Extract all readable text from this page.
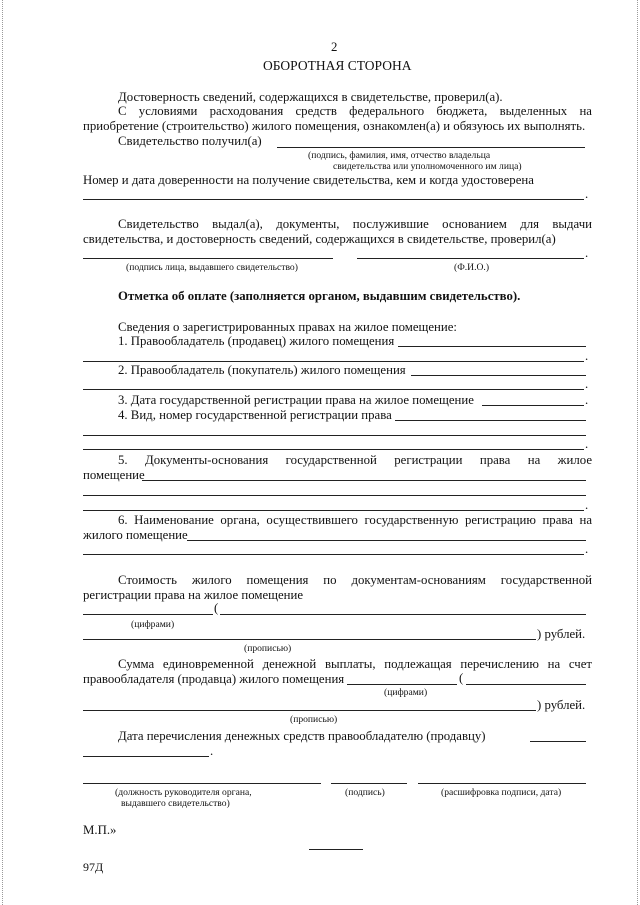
2
ОБОРОТНАЯ СТОРОНА
Достоверность сведений, содержащихся в свидетельстве, проверил(а).
С условиями расходования средств федерального бюджета, выделенных на
приобретение (строительство) жилого помещения, ознакомлен(а) и обязуюсь их выполнять.
Свидетельство получил(а)
(подпись, фамилия, имя, отчество владельца
свидетельства или уполномоченного им лица)
Номер и дата доверенности на получение свидетельства, кем и когда удостоверена
.
Свидетельство выдал(а), документы, послужившие основанием для выдачи
свидетельства, и достоверность сведений, содержащихся в свидетельстве, проверил(а)
.
(подпись лица, выдавшего свидетельство)	(Ф.И.О.)
Отметка об оплате (заполняется органом, выдавшим свидетельство).
Сведения о зарегистрированных правах на жилое помещение:
1. Правообладатель (продавец) жилого помещения
.
2. Правообладатель (покупатель) жилого помещения
.
3. Дата государственной регистрации права на жилое помещение	.
4. Вид, номер государственной регистрации права
.
5. Документы-основания государственной регистрации права на жилое
помещение
.
6. Наименование органа, осуществившего государственную регистрацию права на
жилого помещение
.
Стоимость жилого помещения по документам-основаниям государственной
регистрации права на жилое помещение
(
(цифрами)
) рублей.
(прописью)
Сумма единовременной денежной выплаты, подлежащая перечислению на счет
правообладателя (продавца) жилого помещения	(
(цифрами)
) рублей.
(прописью)
Дата перечисления денежных средств правообладателю (продавцу)
.
(должность руководителя органа,
выдавшего свидетельство)
(подпись)	(расшифровка подписи, дата)
М.П.»
97Д
